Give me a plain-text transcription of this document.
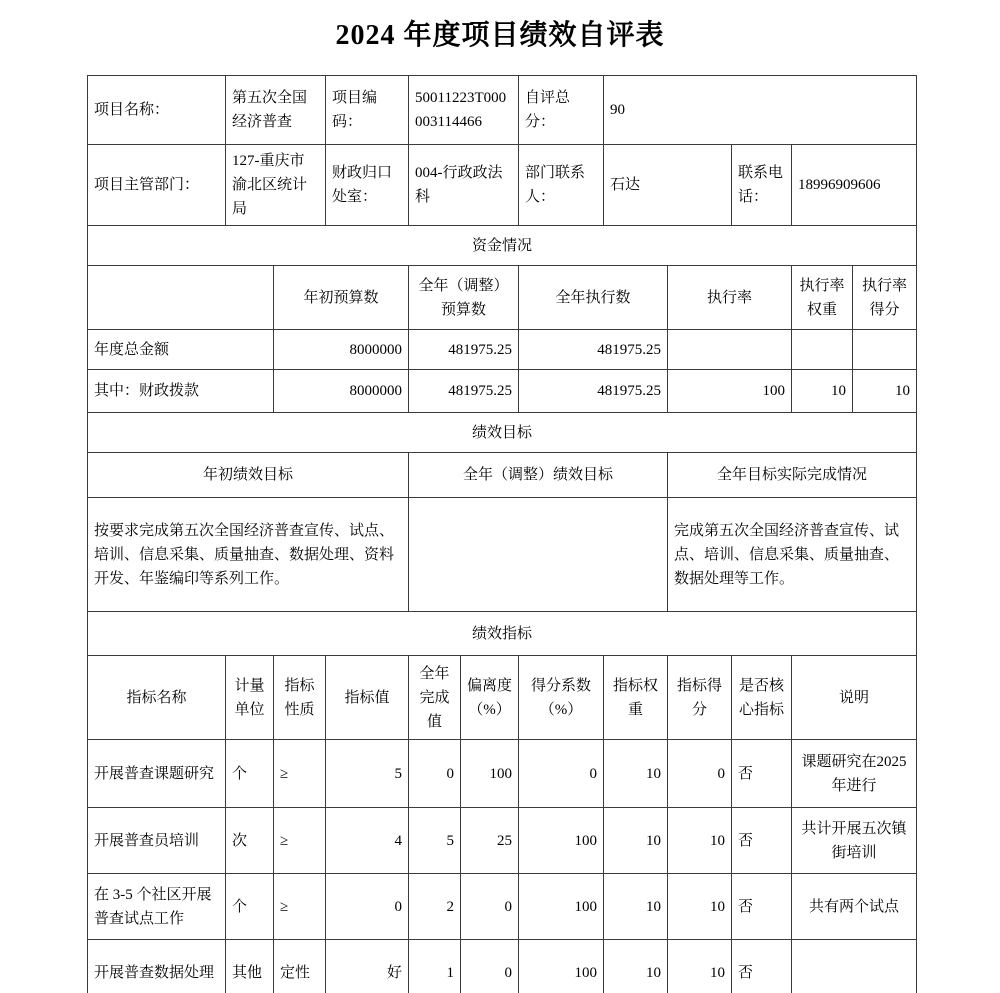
2024 年度项目绩效自评表
项目名称：	第五次全国经济普查		项目编码：	50011223T000003114466		自评总分：	90				
项目主管部门：	127-重庆市渝北区统计局		财政归口处室：	004-行政政法科		部门联系人：	石达		联系电话：	18996909606	
资金情况											
		年初预算数		全年（调整）预算数		全年执行数		执行率		执行率权重	执行率得分
年度总金额		8000000		481975.25		481975.25					
其中：财政拨款		8000000		481975.25		481975.25		100		10	10
绩效目标											
年初绩效目标				全年（调整）绩效目标				全年目标实际完成情况			
按要求完成第五次全国经济普查宣传、试点、培训、信息采集、质量抽查、数据处理、资料开发、年鉴编印等系列工作。								完成第五次全国经济普查宣传、试点、培训、信息采集、质量抽查、数据处理等工作。			
绩效指标											
指标名称	计量单位	指标性质	指标值	全年完成值	偏离度（%）	得分系数（%）	指标权重	指标得分	是否核心指标	说明	
开展普查课题研究	个	≥	5	0	100	0	10	0	否	课题研究在2025 年进行	
开展普查员培训	次	≥	4	5	25	100	10	10	否	共计开展五次镇街培训	
在 3-5 个社区开展普查试点工作	个	≥	0	2	0	100	10	10	否	共有两个试点	
开展普查数据处理	其他	定性	好	1	0	100	10	10	否		
